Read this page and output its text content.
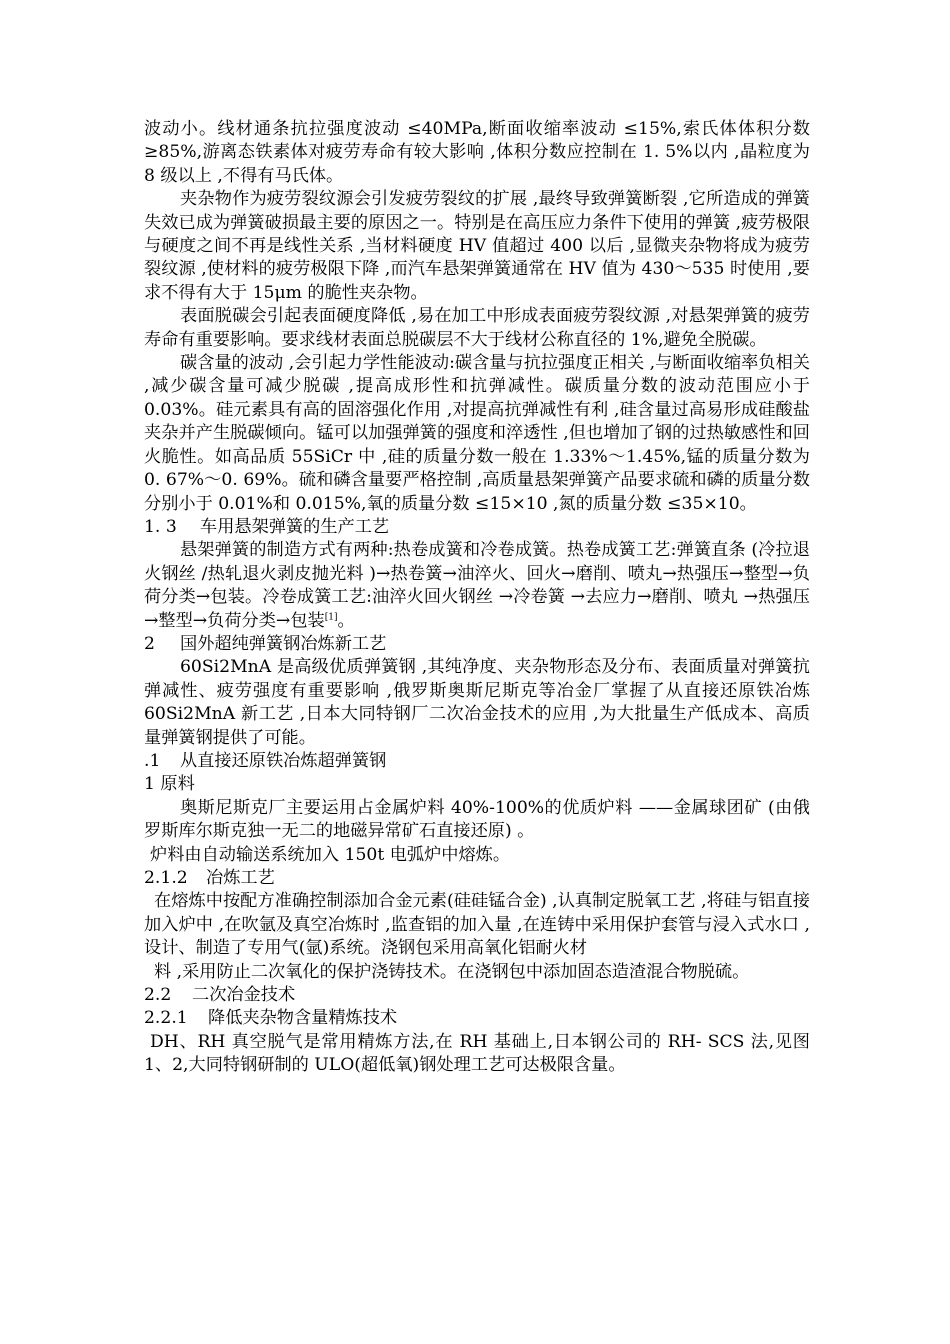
波动小。线材通条抗拉强度波动 ≤40MPa,断面收缩率波动 ≤15%,索氏体体积分数 ≥85%,游离态铁素体对疲劳寿命有较大影响 ,体积分数应控制在 1. 5%以内 ,晶粒度为 8 级以上 ,不得有马氏体。

夹杂物作为疲劳裂纹源会引发疲劳裂纹的扩展 ,最终导致弹簧断裂 ,它所造成的弹簧失效已成为弹簧破损最主要的原因之一。特别是在高压应力条件下使用的弹簧 ,疲劳极限与硬度之间不再是线性关系 ,当材料硬度 HV 值超过 400 以后 ,显微夹杂物将成为疲劳裂纹源 ,使材料的疲劳极限下降 ,而汽车悬架弹簧通常在 HV 值为 430～535 时使用 ,要求不得有大于 15μm 的脆性夹杂物。

表面脱碳会引起表面硬度降低 ,易在加工中形成表面疲劳裂纹源 ,对悬架弹簧的疲劳寿命有重要影响。要求线材表面总脱碳层不大于线材公称直径的 1%,避免全脱碳。

碳含量的波动 ,会引起力学性能波动:碳含量与抗拉强度正相关 ,与断面收缩率负相关 ,减少碳含量可减少脱碳 ,提高成形性和抗弹减性。碳质量分数的波动范围应小于 0.03%。硅元素具有高的固溶强化作用 ,对提高抗弹减性有利 ,硅含量过高易形成硅酸盐夹杂并产生脱碳倾向。锰可以加强弹簧的强度和淬透性 ,但也增加了钢的过热敏感性和回火脆性。如高品质 55SiCr 中 ,硅的质量分数一般在 1.33%～1.45%,锰的质量分数为 0. 67%～0. 69%。硫和磷含量要严格控制 ,高质量悬架弹簧产品要求硫和磷的质量分数分别小于 0.01%和 0.015%,氧的质量分数 ≤15×10 ,氮的质量分数 ≤35×10。

1. 3 车用悬架弹簧的生产工艺

悬架弹簧的制造方式有两种:热卷成簧和冷卷成簧。热卷成簧工艺:弹簧直条 (冷拉退火钢丝 /热轧退火剥皮抛光料 )→热卷簧→油淬火、回火→磨削、喷丸→热强压→整型→负荷分类→包装。冷卷成簧工艺:油淬火回火钢丝 →冷卷簧 →去应力→磨削、喷丸 →热强压→整型→负荷分类→包装[1]。

2 国外超纯弹簧钢冶炼新工艺

60Si2MnA 是高级优质弹簧钢 ,其纯净度、夹杂物形态及分布、表面质量对弹簧抗弹减性、疲劳强度有重要影响 ,俄罗斯奥斯尼斯克等冶金厂掌握了从直接还原铁冶炼 60Si2MnA 新工艺 ,日本大同特钢厂二次冶金技术的应用 ,为大批量生产低成本、高质量弹簧钢提供了可能。

.1 从直接还原铁冶炼超弹簧钢

1 原料

奥斯尼斯克厂主要运用占金属炉料 40%-100%的优质炉料 ——金属球团矿 (由俄罗斯库尔斯克独一无二的地磁异常矿石直接还原) 。

炉料由自动输送系统加入 150t 电弧炉中熔炼。

2.1.2 冶炼工艺

在熔炼中按配方准确控制添加合金元素(硅硅锰合金) ,认真制定脱氧工艺 ,将硅与铝直接加入炉中 ,在吹氩及真空冶炼时 ,监查铝的加入量 ,在连铸中采用保护套管与浸入式水口 ,设计、制造了专用气(氩)系统。浇钢包采用高氧化铝耐火材

料 ,采用防止二次氧化的保护浇铸技术。在浇钢包中添加固态造渣混合物脱硫。

2.2 二次冶金技术

2.2.1 降低夹杂物含量精炼技术

DH、RH 真空脱气是常用精炼方法,在 RH 基础上,日本钢公司的 RH- SCS 法,见图 1、2,大同特钢研制的 ULO(超低氧)钢处理工艺可达极限含量。
